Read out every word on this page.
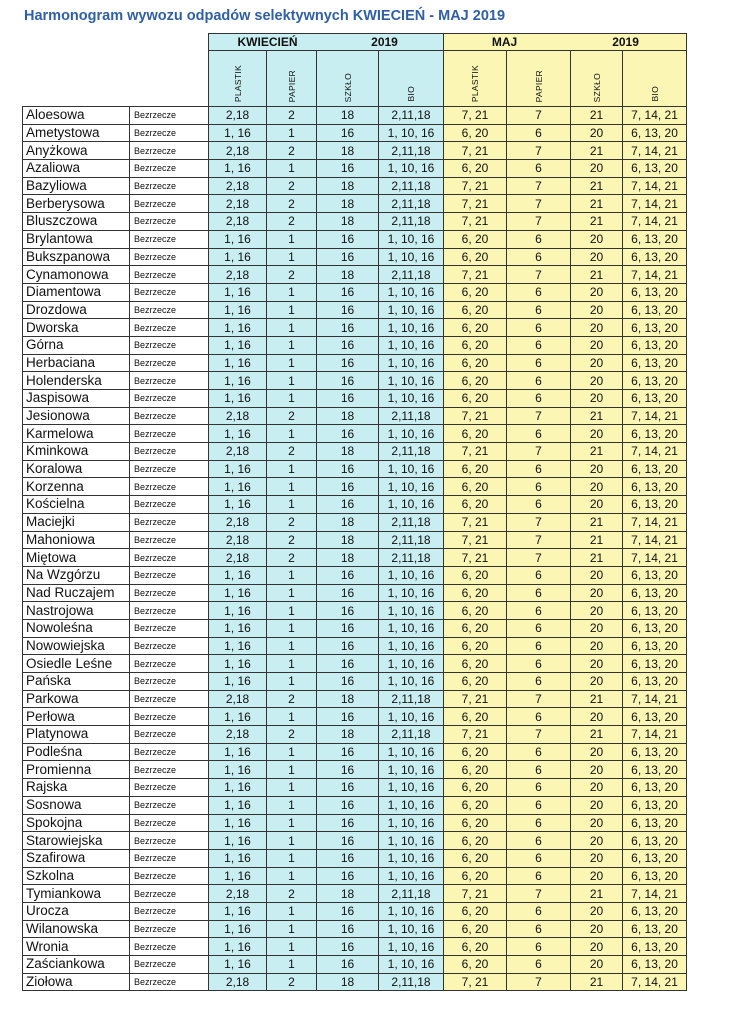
Harmonogram wywozu odpadów selektywnych KWIECIEŃ - MAJ 2019
		KWIECIEŃ 2019				MAJ 2019			
		PLASTIK	PAPIER	SZKŁO	BIO	PLASTIK	PAPIER	SZKŁO	BIO
Aloesowa	Bezrzecze	2,18	2	18	2,11,18	7, 21	7	21	7, 14, 21
Ametystowa	Bezrzecze	1, 16	1	16	1, 10, 16	6, 20	6	20	6, 13, 20
Anyżkowa	Bezrzecze	2,18	2	18	2,11,18	7, 21	7	21	7, 14, 21
Azaliowa	Bezrzecze	1, 16	1	16	1, 10, 16	6, 20	6	20	6, 13, 20
Bazyliowa	Bezrzecze	2,18	2	18	2,11,18	7, 21	7	21	7, 14, 21
Berberysowa	Bezrzecze	2,18	2	18	2,11,18	7, 21	7	21	7, 14, 21
Bluszczowa	Bezrzecze	2,18	2	18	2,11,18	7, 21	7	21	7, 14, 21
Brylantowa	Bezrzecze	1, 16	1	16	1, 10, 16	6, 20	6	20	6, 13, 20
Bukszpanowa	Bezrzecze	1, 16	1	16	1, 10, 16	6, 20	6	20	6, 13, 20
Cynamonowa	Bezrzecze	2,18	2	18	2,11,18	7, 21	7	21	7, 14, 21
Diamentowa	Bezrzecze	1, 16	1	16	1, 10, 16	6, 20	6	20	6, 13, 20
Drozdowa	Bezrzecze	1, 16	1	16	1, 10, 16	6, 20	6	20	6, 13, 20
Dworska	Bezrzecze	1, 16	1	16	1, 10, 16	6, 20	6	20	6, 13, 20
Górna	Bezrzecze	1, 16	1	16	1, 10, 16	6, 20	6	20	6, 13, 20
Herbaciana	Bezrzecze	1, 16	1	16	1, 10, 16	6, 20	6	20	6, 13, 20
Holenderska	Bezrzecze	1, 16	1	16	1, 10, 16	6, 20	6	20	6, 13, 20
Jaspisowa	Bezrzecze	1, 16	1	16	1, 10, 16	6, 20	6	20	6, 13, 20
Jesionowa	Bezrzecze	2,18	2	18	2,11,18	7, 21	7	21	7, 14, 21
Karmelowa	Bezrzecze	1, 16	1	16	1, 10, 16	6, 20	6	20	6, 13, 20
Kminkowa	Bezrzecze	2,18	2	18	2,11,18	7, 21	7	21	7, 14, 21
Koralowa	Bezrzecze	1, 16	1	16	1, 10, 16	6, 20	6	20	6, 13, 20
Korzenna	Bezrzecze	1, 16	1	16	1, 10, 16	6, 20	6	20	6, 13, 20
Kościelna	Bezrzecze	1, 16	1	16	1, 10, 16	6, 20	6	20	6, 13, 20
Maciejki	Bezrzecze	2,18	2	18	2,11,18	7, 21	7	21	7, 14, 21
Mahoniowa	Bezrzecze	2,18	2	18	2,11,18	7, 21	7	21	7, 14, 21
Miętowa	Bezrzecze	2,18	2	18	2,11,18	7, 21	7	21	7, 14, 21
Na Wzgórzu	Bezrzecze	1, 16	1	16	1, 10, 16	6, 20	6	20	6, 13, 20
Nad Ruczajem	Bezrzecze	1, 16	1	16	1, 10, 16	6, 20	6	20	6, 13, 20
Nastrojowa	Bezrzecze	1, 16	1	16	1, 10, 16	6, 20	6	20	6, 13, 20
Nowoleśna	Bezrzecze	1, 16	1	16	1, 10, 16	6, 20	6	20	6, 13, 20
Nowowiejska	Bezrzecze	1, 16	1	16	1, 10, 16	6, 20	6	20	6, 13, 20
Osiedle Leśne	Bezrzecze	1, 16	1	16	1, 10, 16	6, 20	6	20	6, 13, 20
Pańska	Bezrzecze	1, 16	1	16	1, 10, 16	6, 20	6	20	6, 13, 20
Parkowa	Bezrzecze	2,18	2	18	2,11,18	7, 21	7	21	7, 14, 21
Perłowa	Bezrzecze	1, 16	1	16	1, 10, 16	6, 20	6	20	6, 13, 20
Platynowa	Bezrzecze	2,18	2	18	2,11,18	7, 21	7	21	7, 14, 21
Podleśna	Bezrzecze	1, 16	1	16	1, 10, 16	6, 20	6	20	6, 13, 20
Promienna	Bezrzecze	1, 16	1	16	1, 10, 16	6, 20	6	20	6, 13, 20
Rajska	Bezrzecze	1, 16	1	16	1, 10, 16	6, 20	6	20	6, 13, 20
Sosnowa	Bezrzecze	1, 16	1	16	1, 10, 16	6, 20	6	20	6, 13, 20
Spokojna	Bezrzecze	1, 16	1	16	1, 10, 16	6, 20	6	20	6, 13, 20
Starowiejska	Bezrzecze	1, 16	1	16	1, 10, 16	6, 20	6	20	6, 13, 20
Szafirowa	Bezrzecze	1, 16	1	16	1, 10, 16	6, 20	6	20	6, 13, 20
Szkolna	Bezrzecze	1, 16	1	16	1, 10, 16	6, 20	6	20	6, 13, 20
Tymiankowa	Bezrzecze	2,18	2	18	2,11,18	7, 21	7	21	7, 14, 21
Urocza	Bezrzecze	1, 16	1	16	1, 10, 16	6, 20	6	20	6, 13, 20
Wilanowska	Bezrzecze	1, 16	1	16	1, 10, 16	6, 20	6	20	6, 13, 20
Wronia	Bezrzecze	1, 16	1	16	1, 10, 16	6, 20	6	20	6, 13, 20
Zaściankowa	Bezrzecze	1, 16	1	16	1, 10, 16	6, 20	6	20	6, 13, 20
Ziołowa	Bezrzecze	2,18	2	18	2,11,18	7, 21	7	21	7, 14, 21
